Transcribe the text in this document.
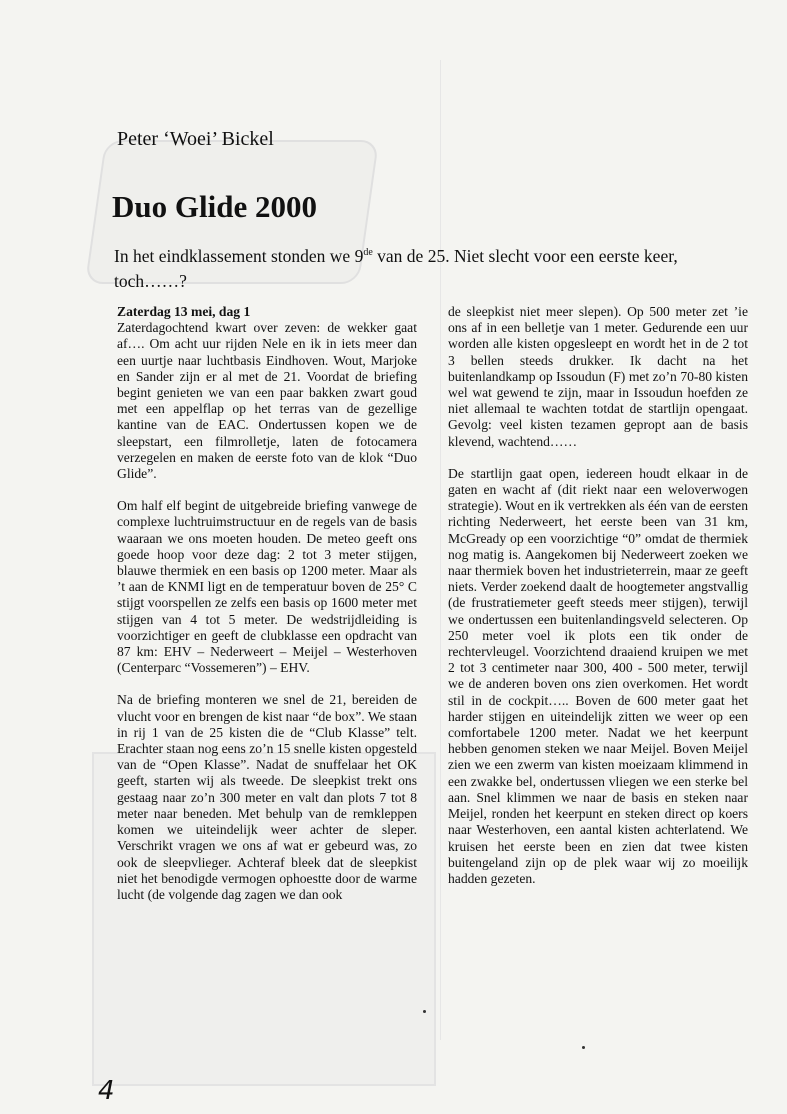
Peter ‘Woei’ Bickel
Duo Glide 2000

In het eindklassement stonden we 9de van de 25. Niet slecht voor een eerste keer, toch……?

Zaterdag 13 mei, dag 1

Zaterdagochtend kwart over zeven: de wekker gaat af…. Om acht uur rijden Nele en ik in iets meer dan een uurtje naar luchtbasis Eindhoven. Wout, Marjoke en Sander zijn er al met de 21. Voordat de briefing begint genieten we van een paar bakken zwart goud met een appelflap op het terras van de gezellige kantine van de EAC. Ondertussen kopen we de sleepstart, een filmrolletje, laten de fotocamera verzegelen en maken de eerste foto van de klok “Duo Glide”.

Om half elf begint de uitgebreide briefing vanwege de complexe luchtruimstructuur en de regels van de basis waaraan we ons moeten houden. De meteo geeft ons goede hoop voor deze dag: 2 tot 3 meter stijgen, blauwe thermiek en een basis op 1200 meter. Maar als ’t aan de KNMI ligt en de temperatuur boven de 25° C stijgt voorspellen ze zelfs een basis op 1600 meter met stijgen van 4 tot 5 meter. De wedstrijdleiding is voorzichtiger en geeft de clubklasse een opdracht van 87 km: EHV – Nederweert – Meijel – Westerhoven (Centerparc “Vossemeren”) – EHV.

Na de briefing monteren we snel de 21, bereiden de vlucht voor en brengen de kist naar “de box”. We staan in rij 1 van de 25 kisten die de “Club Klasse” telt. Erachter staan nog eens zo’n 15 snelle kisten opgesteld van de “Open Klasse”. Nadat de snuffelaar het OK geeft, starten wij als tweede. De sleepkist trekt ons gestaag naar zo’n 300 meter en valt dan plots 7 tot 8 meter naar beneden. Met behulp van de remkleppen komen we uiteindelijk weer achter de sleper. Verschrikt vragen we ons af wat er gebeurd was, zo ook de sleepvlieger. Achteraf bleek dat de sleepkist niet het benodigde vermogen ophoestte door de warme lucht (de volgende dag zagen we dan ook

de sleepkist niet meer slepen). Op 500 meter zet ’ie ons af in een belletje van 1 meter. Gedurende een uur worden alle kisten opgesleept en wordt het in de 2 tot 3 bellen steeds drukker. Ik dacht na het buitenlandkamp op Issoudun (F) met zo’n 70-80 kisten wel wat gewend te zijn, maar in Issoudun hoefden ze niet allemaal te wachten totdat de startlijn opengaat. Gevolg: veel kisten tezamen gepropt aan de basis klevend, wachtend……

De startlijn gaat open, iedereen houdt elkaar in de gaten en wacht af (dit riekt naar een weloverwogen strategie). Wout en ik vertrekken als één van de eersten richting Nederweert, het eerste been van 31 km, McGready op een voorzichtige “0” omdat de thermiek nog matig is. Aangekomen bij Nederweert zoeken we naar thermiek boven het industrieterrein, maar ze geeft niets. Verder zoekend daalt de hoogtemeter angstvallig (de frustratiemeter geeft steeds meer stijgen), terwijl we ondertussen een buitenlandingsveld selecteren. Op 250 meter voel ik plots een tik onder de rechtervleugel. Voorzichtend draaiend kruipen we met 2 tot 3 centimeter naar 300, 400 - 500 meter, terwijl we de anderen boven ons zien overkomen. Het wordt stil in de cockpit….. Boven de 600 meter gaat het harder stijgen en uiteindelijk zitten we weer op een comfortabele 1200 meter. Nadat we het keerpunt hebben genomen steken we naar Meijel. Boven Meijel zien we een zwerm van kisten moeizaam klimmend in een zwakke bel, ondertussen vliegen we een sterke bel aan. Snel klimmen we naar de basis en steken naar Meijel, ronden het keerpunt en steken direct op koers naar Westerhoven, een aantal kisten achterlatend. We kruisen het eerste been en zien dat twee kisten buitengeland zijn op de plek waar wij zo moeilijk hadden gezeten.

4
